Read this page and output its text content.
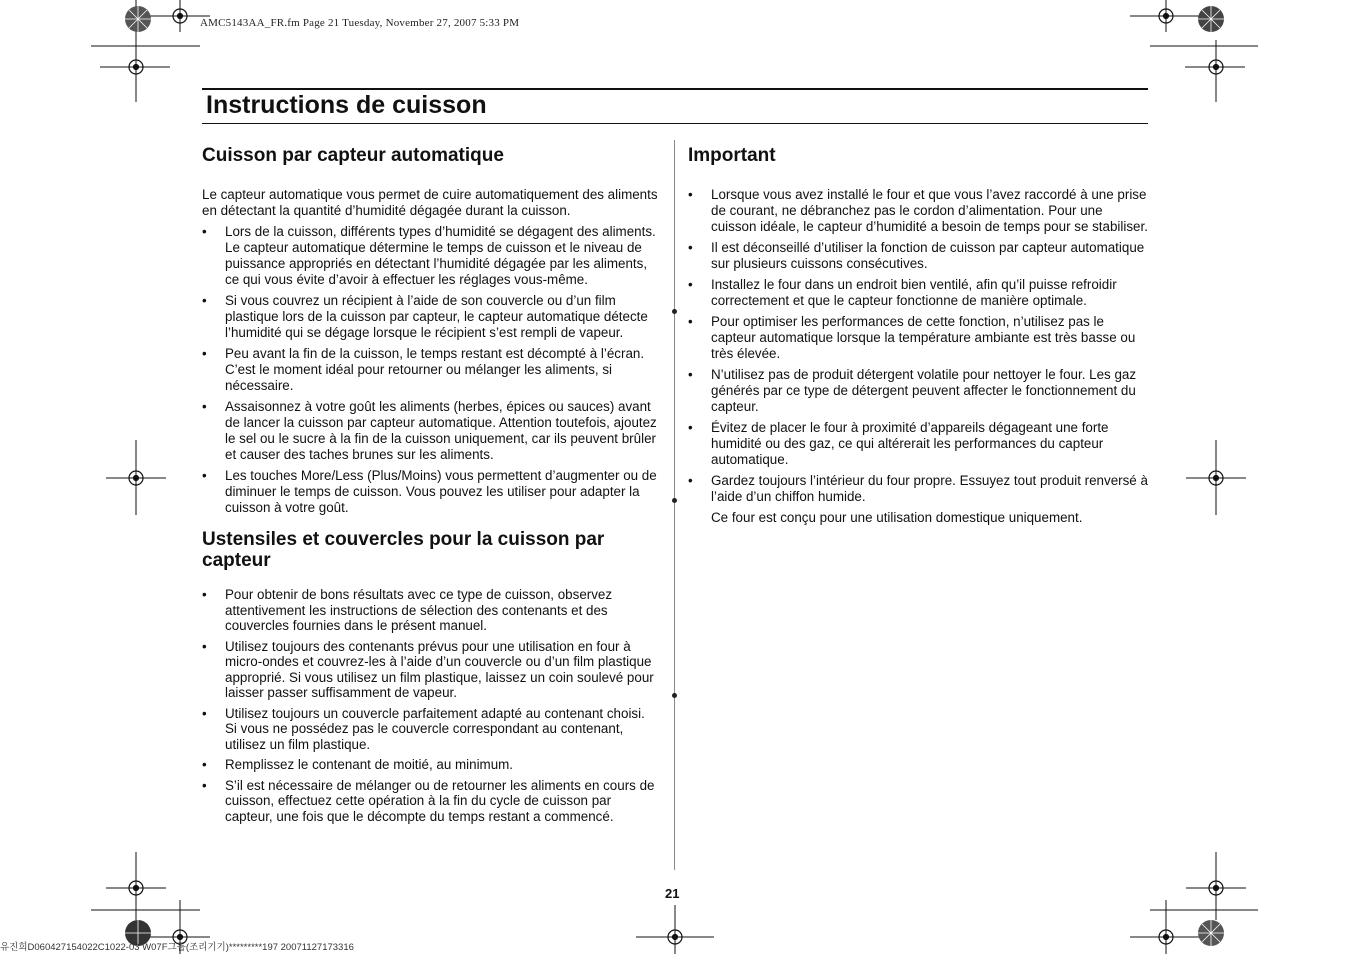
AMC5143AA_FR.fm Page 21 Tuesday, November 27, 2007 5:33 PM
Instructions de cuisson
Cuisson par capteur automatique

Le capteur automatique vous permet de cuire automatiquement des aliments en détectant la quantité d’humidité dégagée durant la cuisson.

• Lors de la cuisson, différents types d’humidité se dégagent des aliments. Le capteur automatique détermine le temps de cuisson et le niveau de puissance appropriés en détectant l’humidité dégagée par les aliments, ce qui vous évite d’avoir à effectuer les réglages vous-même.
• Si vous couvrez un récipient à l’aide de son couvercle ou d’un film plastique lors de la cuisson par capteur, le capteur automatique détecte l’humidité qui se dégage lorsque le récipient s’est rempli de vapeur.
• Peu avant la fin de la cuisson, le temps restant est décompté à l’écran. C’est le moment idéal pour retourner ou mélanger les aliments, si nécessaire.
• Assaisonnez à votre goût les aliments (herbes, épices ou sauces) avant de lancer la cuisson par capteur automatique. Attention toutefois, ajoutez le sel ou le sucre à la fin de la cuisson uniquement, car ils peuvent brûler et causer des taches brunes sur les aliments.
• Les touches More/Less (Plus/Moins) vous permettent d’augmenter ou de diminuer le temps de cuisson. Vous pouvez les utiliser pour adapter la cuisson à votre goût.
Ustensiles et couvercles pour la cuisson par capteur
• Pour obtenir de bons résultats avec ce type de cuisson, observez attentivement les instructions de sélection des contenants et des couvercles fournies dans le présent manuel.
• Utilisez toujours des contenants prévus pour une utilisation en four à micro-ondes et couvrez-les à l’aide d’un couvercle ou d’un film plastique approprié. Si vous utilisez un film plastique, laissez un coin soulevé pour laisser passer suffisamment de vapeur.
• Utilisez toujours un couvercle parfaitement adapté au contenant choisi. Si vous ne possédez pas le couvercle correspondant au contenant, utilisez un film plastique.
• Remplissez le contenant de moitié, au minimum.
• S’il est nécessaire de mélanger ou de retourner les aliments en cours de cuisson, effectuez cette opération à la fin du cycle de cuisson par capteur, une fois que le décompte du temps restant a commencé.
Important
• Lorsque vous avez installé le four et que vous l’avez raccordé à une prise de courant, ne débranchez pas le cordon d’alimentation. Pour une cuisson idéale, le capteur d’humidité a besoin de temps pour se stabiliser.
• Il est déconseillé d’utiliser la fonction de cuisson par capteur automatique sur plusieurs cuissons consécutives.
• Installez le four dans un endroit bien ventilé, afin qu’il puisse refroidir correctement et que le capteur fonctionne de manière optimale.
• Pour optimiser les performances de cette fonction, n’utilisez pas le capteur automatique lorsque la température ambiante est très basse ou très élevée.
• N’utilisez pas de produit détergent volatile pour nettoyer le four. Les gaz générés par ce type de détergent peuvent affecter le fonctionnement du capteur.
• Évitez de placer le four à proximité d’appareils dégageant une forte humidité ou des gaz, ce qui altérerait les performances du capteur automatique.
• Gardez toujours l’intérieur du four propre. Essuyez tout produit renversé à l’aide d’un chiffon humide.

Ce four est conçu pour une utilisation domestique uniquement.

21
유진희D060427154022C1022-03 W07F그룹(조리기기)*********197 20071127173316
